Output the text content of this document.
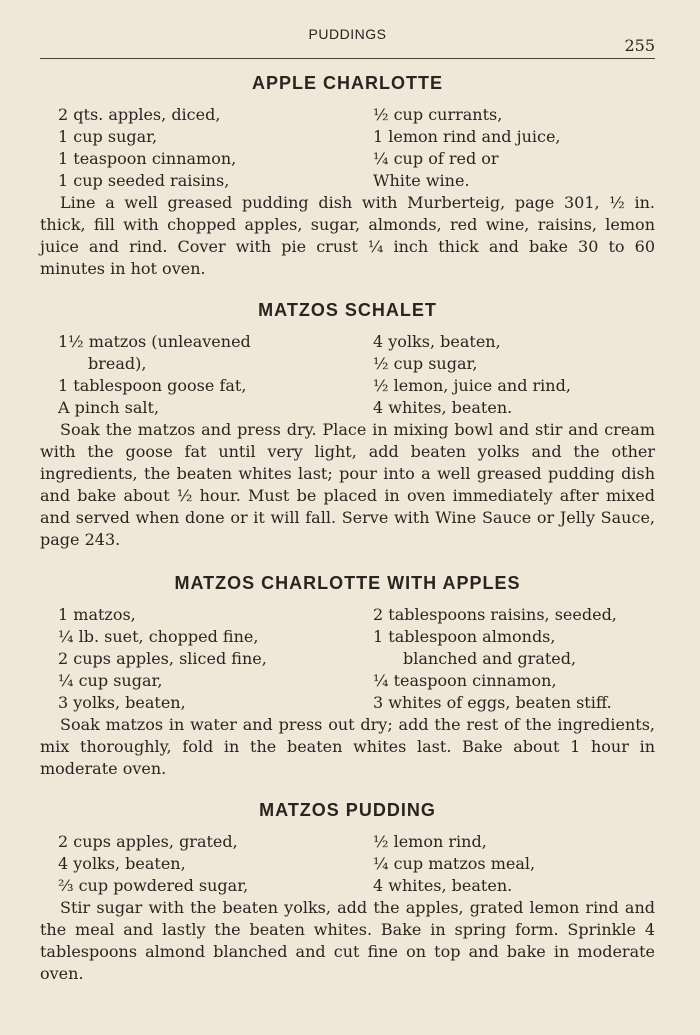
PUDDINGS
255
APPLE CHARLOTTE
2 qts. apples, diced,
1 cup sugar,
1 teaspoon cinnamon,
1 cup seeded raisins,
½ cup currants,
1 lemon rind and juice,
¼ cup of red or
White wine.

Line a well greased pudding dish with Murberteig, page 301, ½ in. thick, fill with chopped apples, sugar, almonds, red wine, raisins, lemon juice and rind. Cover with pie crust ¼ inch thick and bake 30 to 60 minutes in hot oven.

MATZOS SCHALET
1½ matzos (unleavened
bread),
1 tablespoon goose fat,
A pinch salt,
4 yolks, beaten,
½ cup sugar,
½ lemon, juice and rind,
4 whites, beaten.

Soak the matzos and press dry. Place in mixing bowl and stir and cream with the goose fat until very light, add beaten yolks and the other ingredients, the beaten whites last; pour into a well greased pudding dish and bake about ½ hour. Must be placed in oven immediately after mixed and served when done or it will fall. Serve with Wine Sauce or Jelly Sauce, page 243.

MATZOS CHARLOTTE WITH APPLES
1 matzos,
¼ lb. suet, chopped fine,
2 cups apples, sliced fine,
¼ cup sugar,
3 yolks, beaten,
2 tablespoons raisins, seeded,
1 tablespoon almonds,
blanched and grated,
¼ teaspoon cinnamon,
3 whites of eggs, beaten stiff.

Soak matzos in water and press out dry; add the rest of the ingredients, mix thoroughly, fold in the beaten whites last. Bake about 1 hour in moderate oven.

MATZOS PUDDING
2 cups apples, grated,
4 yolks, beaten,
⅔ cup powdered sugar,
½ lemon rind,
¼ cup matzos meal,
4 whites, beaten.

Stir sugar with the beaten yolks, add the apples, grated lemon rind and the meal and lastly the beaten whites. Bake in spring form. Sprinkle 4 tablespoons almond blanched and cut fine on top and bake in moderate oven.
